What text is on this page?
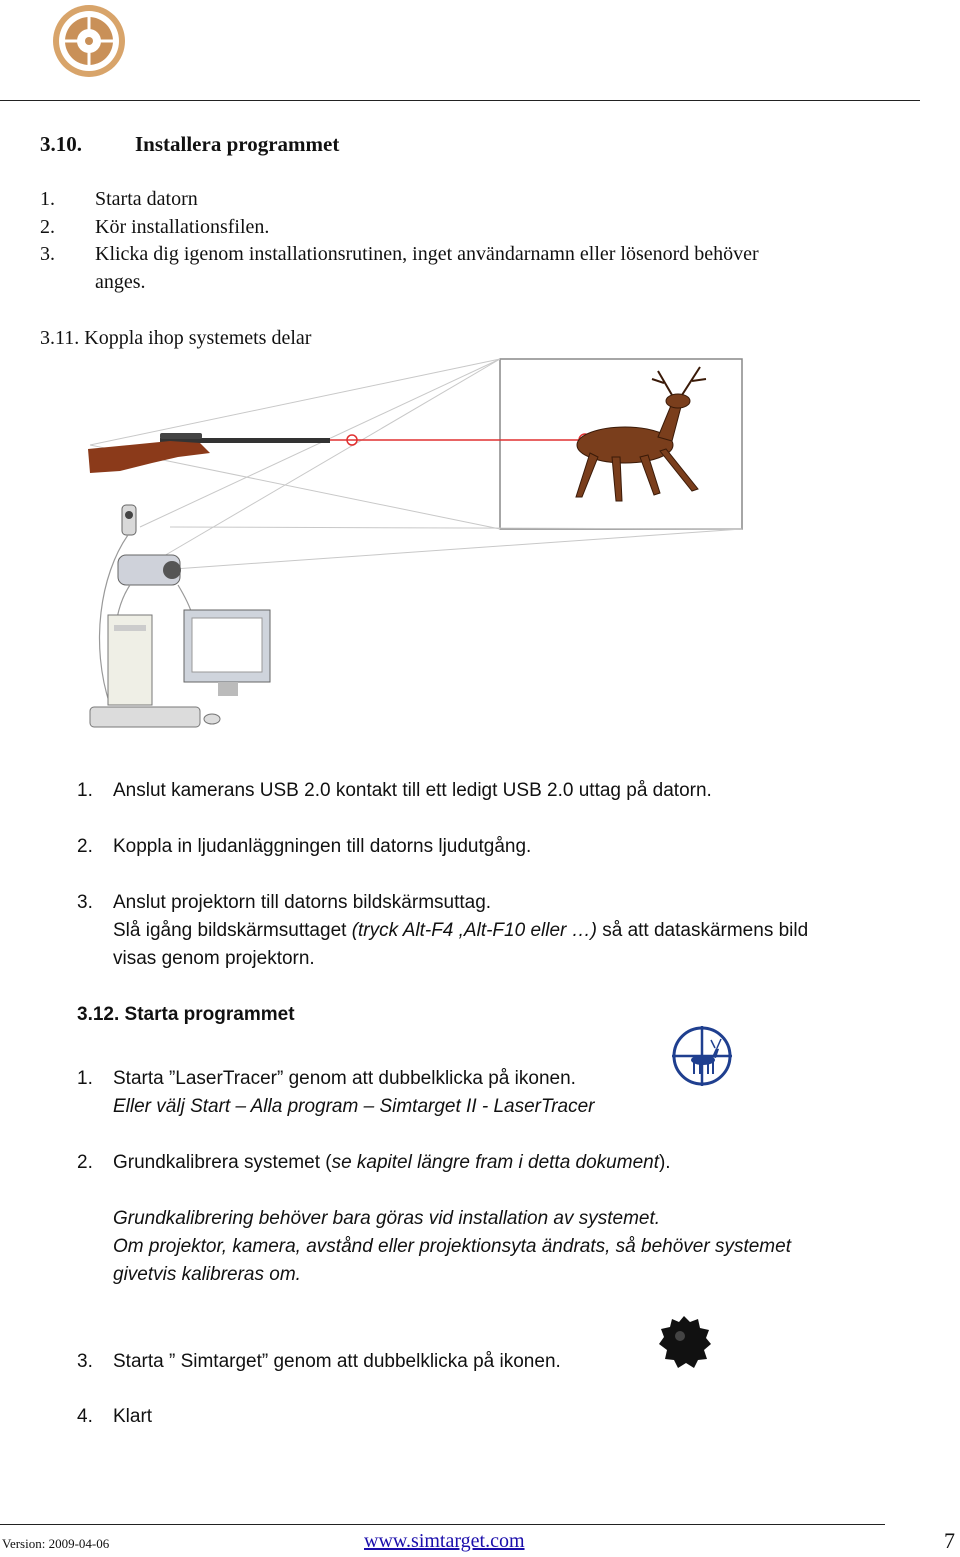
3.10.	Installera programmet
1. Starta datorn
2. Kör installationsfilen.
3. Klicka dig igenom installationsrutinen, inget användarnamn eller lösenord behöver
anges.
3.11. Koppla ihop systemets delar
1. Anslut kamerans USB 2.0 kontakt till ett ledigt USB 2.0 uttag på datorn.
2. Koppla in ljudanläggningen till datorns ljudutgång.
3. Anslut projektorn till datorns bildskärmsuttag.
Slå igång bildskärmsuttaget (tryck Alt-F4 ,Alt-F10 eller …) så att dataskärmens bild
visas genom projektorn.
3.12. Starta programmet
1. Starta ”LaserTracer” genom att dubbelklicka på ikonen.
Eller välj Start – Alla program – Simtarget II - LaserTracer
2. Grundkalibrera systemet (se kapitel längre fram i detta dokument).
Grundkalibrering behöver bara göras vid installation av systemet.
Om projektor, kamera, avstånd eller projektionsyta ändrats, så behöver systemet
givetvis kalibreras om.
3. Starta ” Simtarget” genom att dubbelklicka på ikonen.
4. Klart
Version: 2009-04-06	www.simtarget.com	7
